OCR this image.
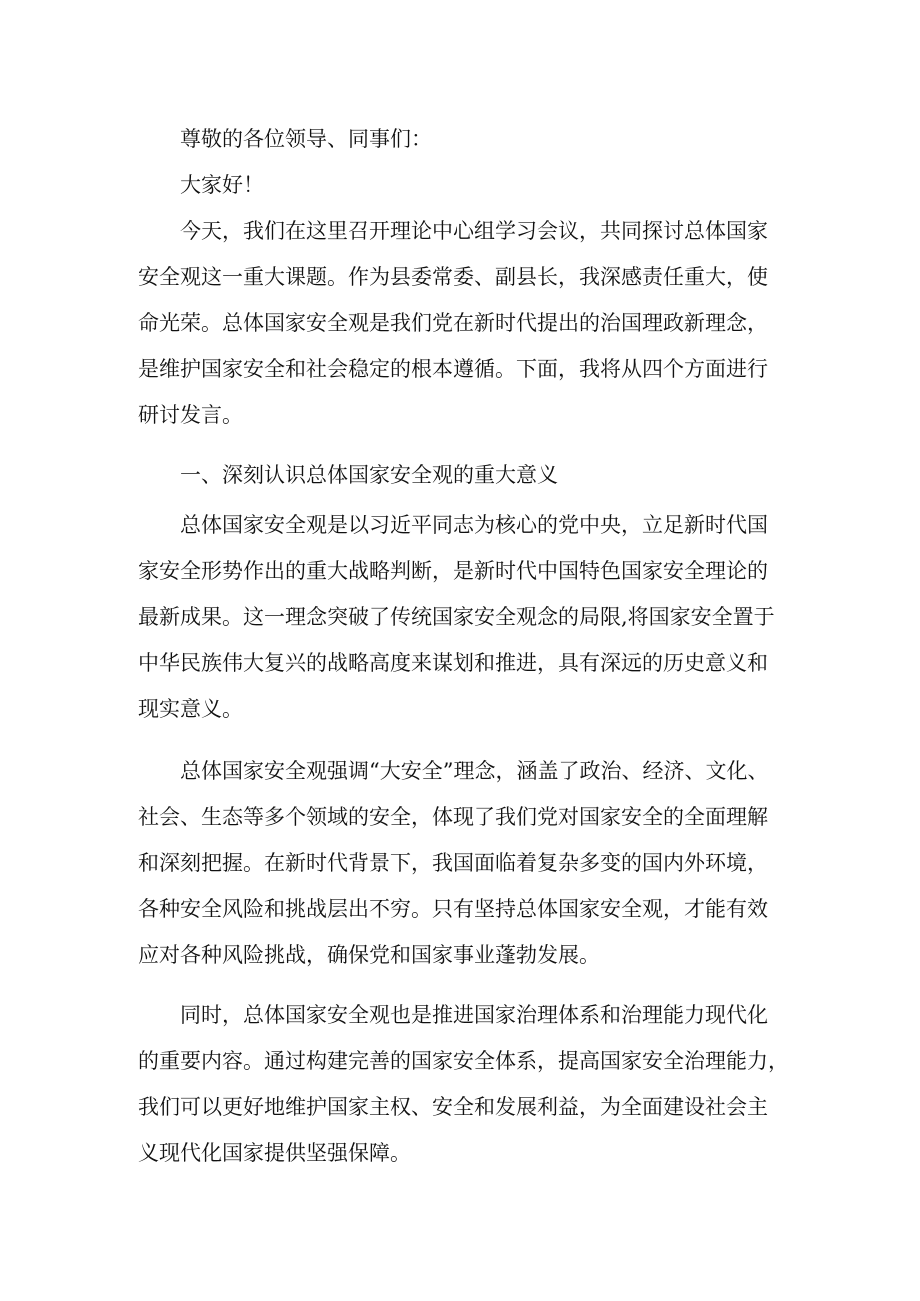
尊敬的各位领导、同事们：
大家好！
今天，我们在这里召开理论中心组学习会议，共同探讨总体国家
安全观这一重大课题。作为县委常委、副县长，我深感责任重大，使
命光荣。总体国家安全观是我们党在新时代提出的治国理政新理念，
是维护国家安全和社会稳定的根本遵循。下面，我将从四个方面进行
研讨发言。
一、深刻认识总体国家安全观的重大意义
总体国家安全观是以习近平同志为核心的党中央，立足新时代国
家安全形势作出的重大战略判断，是新时代中国特色国家安全理论的
最新成果。这一理念突破了传统国家安全观念的局限,将国家安全置于
中华民族伟大复兴的战略高度来谋划和推进，具有深远的历史意义和
现实意义。
总体国家安全观强调“大安全”理念，涵盖了政治、经济、文化、
社会、生态等多个领域的安全，体现了我们党对国家安全的全面理解
和深刻把握。在新时代背景下，我国面临着复杂多变的国内外环境，
各种安全风险和挑战层出不穷。只有坚持总体国家安全观，才能有效
应对各种风险挑战，确保党和国家事业蓬勃发展。
同时，总体国家安全观也是推进国家治理体系和治理能力现代化
的重要内容。通过构建完善的国家安全体系，提高国家安全治理能力，
我们可以更好地维护国家主权、安全和发展利益，为全面建设社会主
义现代化国家提供坚强保障。
